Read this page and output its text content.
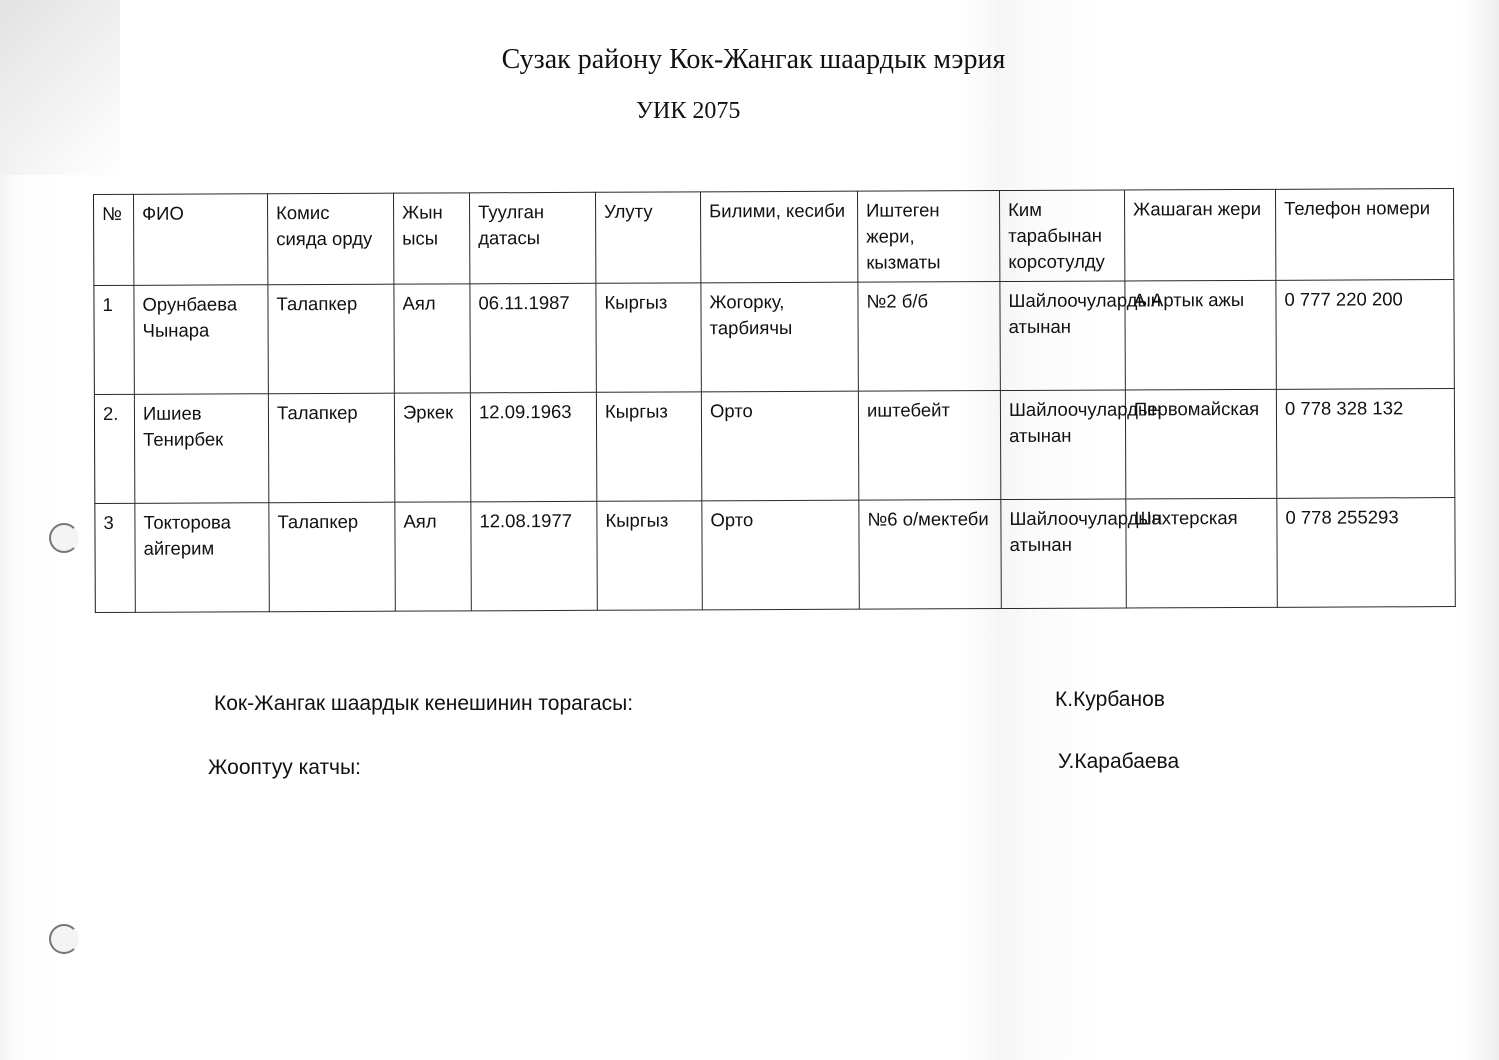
Сузак району Кок-Жангак шаардык мэрия
УИК 2075
№	ФИО	Комис сияда орду	Жын ысы	Туулган датасы	Улуту	Билими, кесиби	Иштеген жери, кызматы	Ким тарабынан корсотулду	Жашаган жери	Телефон номери
1	Орунбаева Чынара	Талапкер	Аял	06.11.1987	Кыргыз	Жогорку, тарбиячы	№2 б/б	Шайлоочулардын атынан	А.Артык ажы	0 777 220 200
2.	Ишиев Тенирбек	Талапкер	Эркек	12.09.1963	Кыргыз	Орто	иштебейт	Шайлоочулардын атынан	Первомайская	0 778 328 132
3	Токторова айгерим	Талапкер	Аял	12.08.1977	Кыргыз	Орто	№6 о/мектеби	Шайлоочулардын атынан	Шахтерская	0 778 255293
Кок-Жангак шаардык кенешинин торагасы:	К.Курбанов
Жооптуу катчы:	У.Карабаева
